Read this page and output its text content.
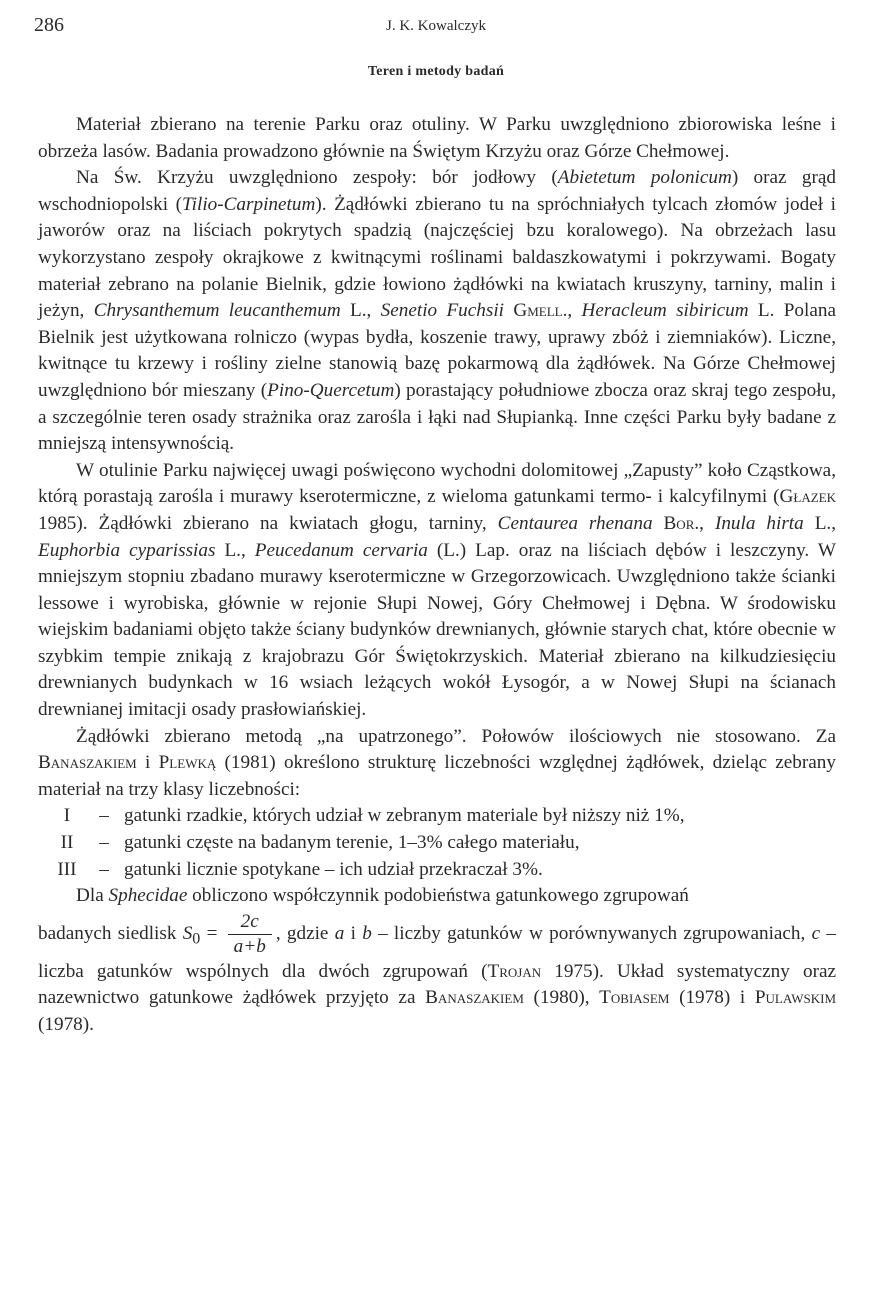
286	J. K. Kowalczyk
Teren i metody badań

Materiał zbierano na terenie Parku oraz otuliny. W Parku uwzględniono zbiorowiska leśne i obrzeża lasów. Badania prowadzono głównie na Świętym Krzyżu oraz Górze Chełmowej.

Na Św. Krzyżu uwzględniono zespoły: bór jodłowy (Abietetum polonicum) oraz grąd wschodniopolski (Tilio-Carpinetum). Żądłówki zbierano tu na spróchniałych tylcach złomów jodeł i jaworów oraz na liściach pokrytych spadzią (najczęściej bzu koralowego). Na obrzeżach lasu wykorzystano zespoły okrajkowe z kwitnącymi roślinami baldaszkowatymi i pokrzywami. Bogaty materiał zebrano na polanie Bielnik, gdzie łowiono żądłówki na kwiatach kruszyny, tarniny, malin i jeżyn, Chrysanthemum leucanthemum L., Senetio Fuchsii Gmell., Heracleum sibiricum L. Polana Bielnik jest użytkowana rolniczo (wypas bydła, koszenie trawy, uprawy zbóż i ziemniaków). Liczne, kwitnące tu krzewy i rośliny zielne stanowią bazę pokarmową dla żądłówek. Na Górze Chełmowej uwzględniono bór mieszany (Pino-Quercetum) porastający południowe zbocza oraz skraj tego zespołu, a szczególnie teren osady strażnika oraz zarośla i łąki nad Słupianką. Inne części Parku były badane z mniejszą intensywnością.

W otulinie Parku najwięcej uwagi poświęcono wychodni dolomitowej „Zapusty” koło Cząstkowa, którą porastają zarośla i murawy kserotermiczne, z wieloma gatunkami termo- i kalcyfilnymi (Głazek 1985). Żądłówki zbierano na kwiatach głogu, tarniny, Centaurea rhenana Bor., Inula hirta L., Euphorbia cyparissias L., Peucedanum cervaria (L.) Lap. oraz na liściach dębów i leszczyny. W mniejszym stopniu zbadano murawy kserotermiczne w Grzegorzowicach. Uwzględniono także ścianki lessowe i wyrobiska, głównie w rejonie Słupi Nowej, Góry Chełmowej i Dębna. W środowisku wiejskim badaniami objęto także ściany budynków drewnianych, głównie starych chat, które obecnie w szybkim tempie znikają z krajobrazu Gór Świętokrzyskich. Materiał zbierano na kilkudziesięciu drewnianych budynkach w 16 wsiach leżących wokół Łysogór, a w Nowej Słupi na ścianach drewnianej imitacji osady prasłowiańskiej.

Żądłówki zbierano metodą „na upatrzonego”. Połowów ilościowych nie stosowano. Za Banaszakiem i Plewką (1981) określono strukturę liczebności względnej żądłówek, dzieląc zebrany materiał na trzy klasy liczebności:

I	– gatunki rzadkie, których udział w zebranym materiale był niższy niż 1%,
II	– gatunki częste na badanym terenie, 1–3% całego materiału,
III	– gatunki licznie spotykane – ich udział przekraczał 3%.

Dla Sphecidae obliczono współczynnik podobieństwa gatunkowego zgrupowań

badanych siedlisk $S_0 = \frac{2c}{a+b}$ , gdzie a i b – liczby gatunków w porównywanych zgrupowaniach, c – liczba gatunków wspólnych dla dwóch zgrupowań (Trojan 1975). Układ systematyczny oraz nazewnictwo gatunkowe żądłówek przyjęto za Banaszakiem (1980), Tobiasem (1978) i Pulawskim (1978).
